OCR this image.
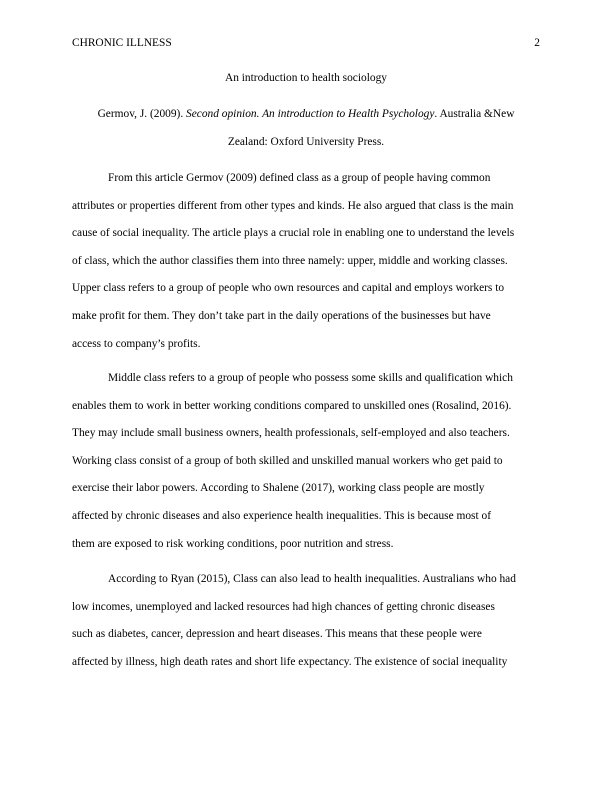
CHRONIC ILLNESS	2
An introduction to health sociology
Germov, J. (2009). Second opinion. An introduction to Health Psychology. Australia &New
Zealand: Oxford University Press.
From this article Germov (2009) defined class as a group of people having common
attributes or properties different from other types and kinds. He also argued that class is the main
cause of social inequality. The article plays a crucial role in enabling one to understand the levels
of class, which the author classifies them into three namely: upper, middle and working classes.
Upper class refers to a group of people who own resources and capital and employs workers to
make profit for them. They don’t take part in the daily operations of the businesses but have
access to company’s profits.
Middle class refers to a group of people who possess some skills and qualification which
enables them to work in better working conditions compared to unskilled ones (Rosalind, 2016).
They may include small business owners, health professionals, self-employed and also teachers.
Working class consist of a group of both skilled and unskilled manual workers who get paid to
exercise their labor powers. According to Shalene (2017), working class people are mostly
affected by chronic diseases and also experience health inequalities. This is because most of
them are exposed to risk working conditions, poor nutrition and stress.
According to Ryan (2015), Class can also lead to health inequalities. Australians who had
low incomes, unemployed and lacked resources had high chances of getting chronic diseases
such as diabetes, cancer, depression and heart diseases. This means that these people were
affected by illness, high death rates and short life expectancy. The existence of social inequality
